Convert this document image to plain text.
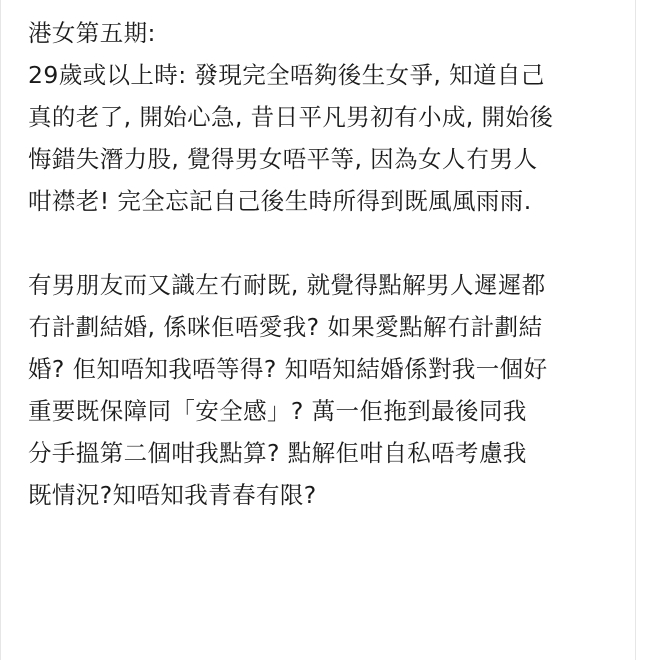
港女第五期:
29歲或以上時: 發現完全唔夠後生女爭, 知道自己
真的老了, 開始心急, 昔日平凡男初有小成, 開始後
悔錯失潛力股, 覺得男女唔平等, 因為女人冇男人
咁襟老! 完全忘記自己後生時所得到既風風雨雨.
有男朋友而又識左冇耐既, 就覺得點解男人遲遲都
冇計劃結婚, 係咪佢唔愛我? 如果愛點解冇計劃結
婚? 佢知唔知我唔等得? 知唔知結婚係對我一個好
重要既保障同「安全感」? 萬一佢拖到最後同我
分手搵第二個咁我點算? 點解佢咁自私唔考慮我
既情況?知唔知我青春有限?
